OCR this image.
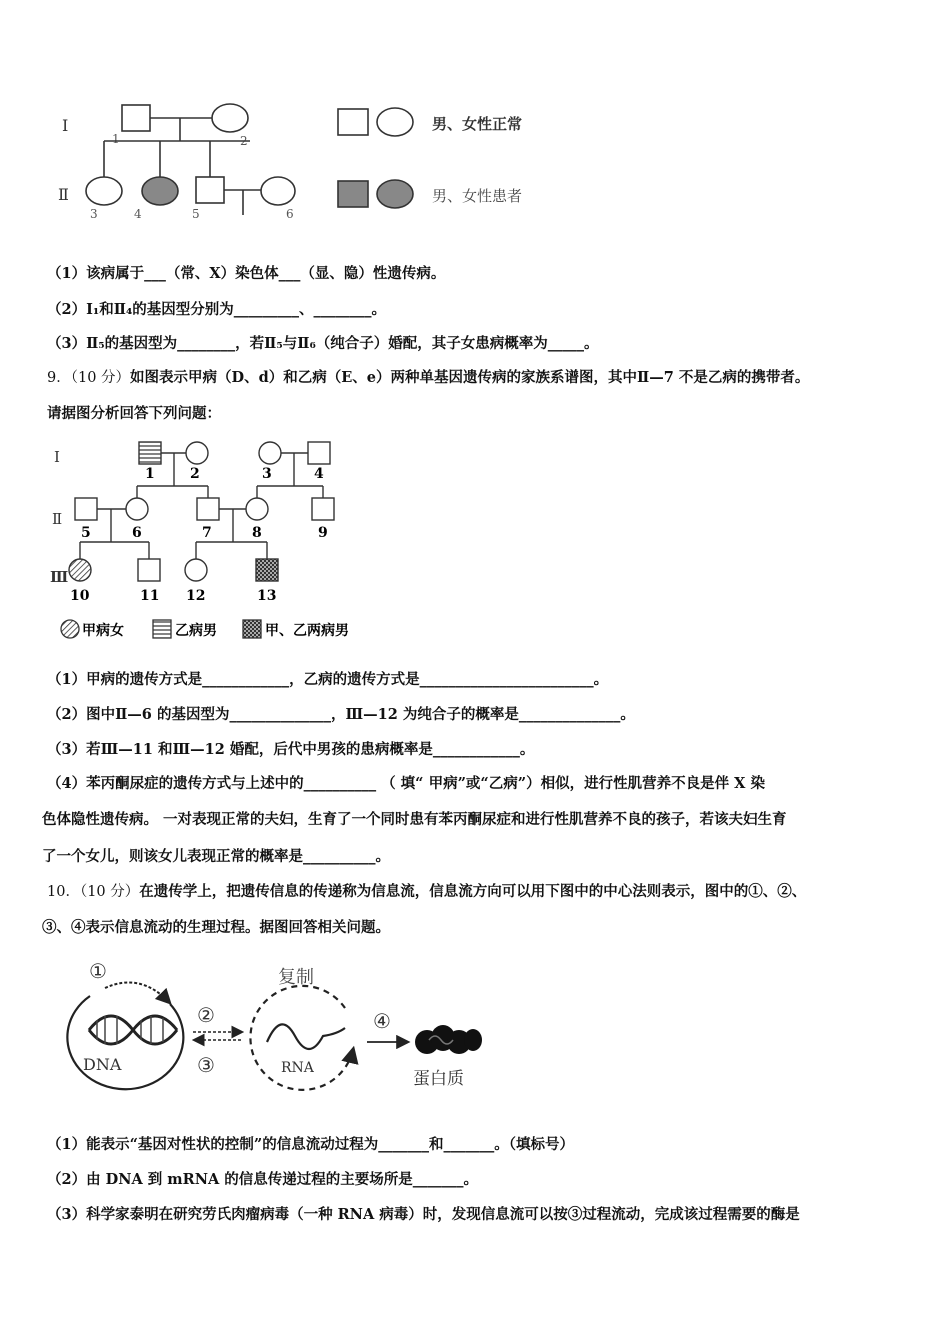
Ⅰ
Ⅱ
1	2
3	4	5	6
男、女性正常
男、女性患者
（1）该病属于___（常、X）染色体___（显、隐）性遗传病。
（2）Ⅰ₁和Ⅱ₄的基因型分别为_________、________。
（3）Ⅱ₅的基因型为________，若Ⅱ₅与Ⅱ₆（纯合子）婚配，其子女患病概率为_____。
9．（10 分）如图表示甲病（D、d）和乙病（E、e）两种单基因遗传病的家族系谱图，其中Ⅱ—7 不是乙病的携带者。
请据图分析回答下列问题：
Ⅰ
Ⅱ
Ⅲ
1	2	3	4
5	6	7	8	9
10	11 12	13
甲病女	乙病男	甲、乙两病男
（1）甲病的遗传方式是____________，乙病的遗传方式是________________________。
（2）图中Ⅱ—6 的基因型为______________，Ⅲ—12 为纯合子的概率是______________。
（3）若Ⅲ—11 和Ⅲ—12 婚配，后代中男孩的患病概率是____________。
（4）苯丙酮尿症的遗传方式与上述中的__________ （ 填“ 甲病”或“乙病”）相似，进行性肌营养不良是伴 X 染
色体隐性遗传病。 一对表现正常的夫妇，生育了一个同时患有苯丙酮尿症和进行性肌营养不良的孩子，若该夫妇生育
了一个女儿，则该女儿表现正常的概率是__________。
10．（10 分）在遗传学上，把遗传信息的传递称为信息流，信息流方向可以用下图中的中心法则表示，图中的①、②、
③、④表示信息流动的生理过程。据图回答相关问题。
①
DNA
②
③
复制
RNA
④
蛋白质
（1）能表示“基因对性状的控制”的信息流动过程为_______和_______。（填标号）
（2）由 DNA 到 mRNA 的信息传递过程的主要场所是_______。
（3）科学家泰明在研究劳氏肉瘤病毒（一种 RNA 病毒）时，发现信息流可以按③过程流动，完成该过程需要的酶是
